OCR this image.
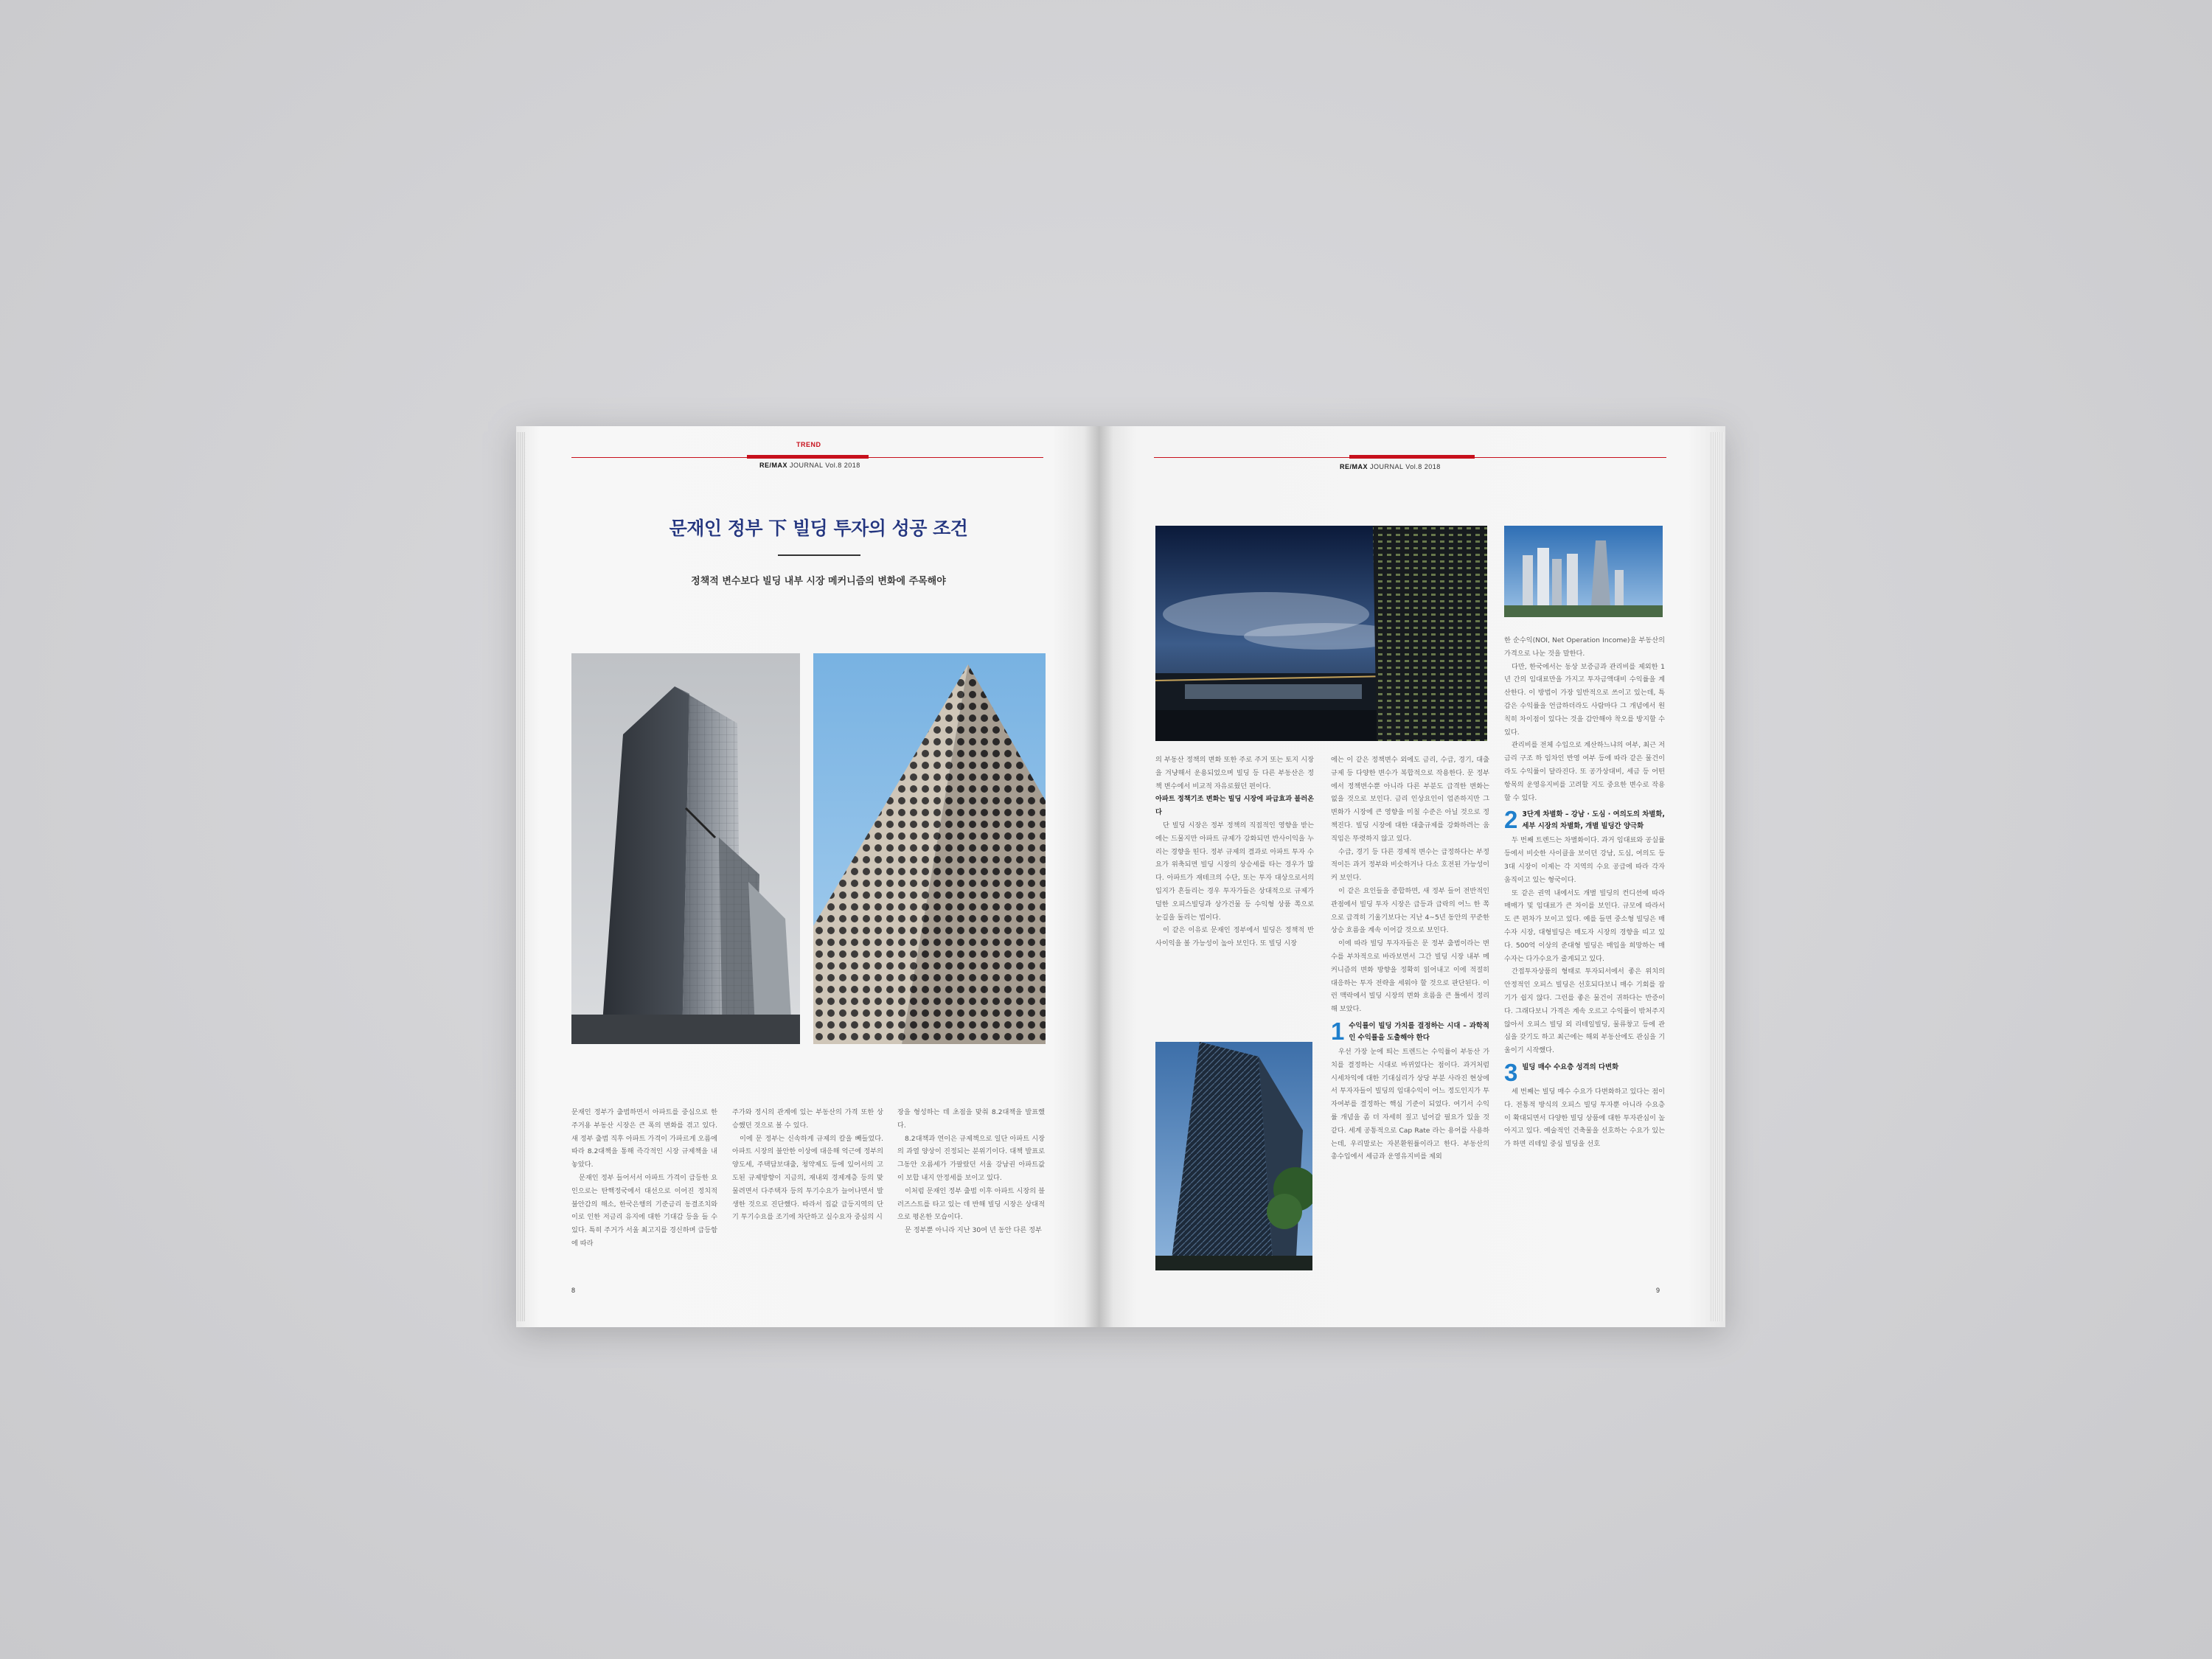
TREND
RE/MAX JOURNAL Vol.8 2018
문재인 정부 下 빌딩 투자의 성공 조건
정책적 변수보다 빌딩 내부 시장 메커니즘의 변화에 주목해야

문재인 정부가 출범하면서 아파트를 중심으로 한 주거용 부동산 시장은 큰 폭의 변화를 겪고 있다. 새 정부 출범 직후 아파트 가격이 가파르게 오름에 따라 8.2대책을 통해 즉각적인 시장 규제책을 내놓았다.

문재인 정부 들어서서 아파트 가격이 급등한 요인으로는 탄핵정국에서 대선으로 이어진 정치적 불안감의 해소, 한국은행의 기준금리 동결조치와 이로 인한 저금리 유지에 대한 기대감 등을 들 수 있다. 특히 주거가 서울 최고지를 경신하며 급등함에 따라

주가와 정시의 관계에 있는 부동산의 가격 또한 상승했던 것으로 볼 수 있다.

이에 문 정부는 신속하게 규제의 칼을 빼들었다. 아파트 시장의 불안한 이상에 대응해 억근에 정부의 양도세, 주택담보대출, 청약제도 등에 있어서의 고도된 규제방향이 지금의, 재내외 경제계층 등의 맞물려면서 다주택자 등의 투기수요가 늘어나면서 발생한 것으로 진단했다. 따라서 집값 급등지역의 단기 투기수요를 조기에 차단하고 실수요자 중심의 시

장을 형성하는 데 초점을 맞춰 8.2대책을 발표했다.

8.2대책과 연이은 규제책으로 일단 아파트 시장의 과열 양상이 진정되는 분위기이다. 대책 발표로 그동안 오름세가 가팔랐던 서울 강남권 아파트값이 보합 내지 안정세를 보이고 있다.

이처럼 문재인 정부 출범 이후 아파트 시장의 블러즈스트를 타고 있는 데 반해 빌딩 시장은 상대적으로 평온한 모습이다.

문 정부뿐 아니라 지난 30여 년 동안 다른 정부

8
RE/MAX JOURNAL Vol.8 2018

의 부동산 정책의 변화 또한 주로 주거 또는 토지 시장을 겨냥해서 운용되었으며 빌딩 등 다른 부동산은 정책 변수에서 비교적 자유로웠던 편이다.

아파트 정책기조 변화는 빌딩 시장에 파급효과 불러온다

단 빌딩 시장은 정부 정책의 직접적인 영향을 받는 에는 드물지만 아파트 규제가 강화되면 반사이익을 누리는 경향을 띤다. 정부 규제의 결과로 아파트 투자 수요가 위축되면 빌딩 시장의 상승세를 타는 경우가 많다. 아파트가 재테크의 수단, 또는 투자 대상으로서의 입지가 흔들리는 경우 투자가들은 상대적으로 규제가 덜한 오피스빌딩과 상가건물 등 수익형 상품 쪽으로 눈길을 돌리는 법이다.

이 같은 이유로 문재인 정부에서 빌딩은 정책적 반사이익을 볼 가능성이 높아 보인다. 또 빌딩 시장

에는 이 같은 정책변수 외에도 금리, 수급, 경기, 대출규제 등 다양한 변수가 복합적으로 작용한다. 문 정부에서 정책변수뿐 아니라 다른 부분도 급격한 변화는 없을 것으로 보인다. 금리 인상요인이 엄존하지만 그 변화가 시장에 큰 영향을 미칠 수준은 아닐 것으로 정책진다. 빌딩 시장에 대한 대출규제를 강화하려는 움직임은 뚜렷하지 않고 있다.

수급, 경기 등 다른 경제적 변수는 급정하다는 부정적이든 과거 정부와 비슷하거나 다소 호전된 가능성이 커 보인다.

이 같은 요인들을 종합하면, 새 정부 들어 전반적인 관점에서 빌딩 투자 시장은 급등과 급락의 어느 한 쪽으로 급격히 기울기보다는 지난 4~5년 동안의 꾸준한 상승 흐름을 계속 이어갈 것으로 보인다.

이에 따라 빌딩 투자자들은 문 정부 출범이라는 변수를 부차적으로 바라보면서 그간 빌딩 시장 내부 메커니즘의 변화 방향을 정확히 읽어내고 이에 적절히 대응하는 투자 전략을 세워야 할 것으로 판단된다. 이런 맥락에서 빌딩 시장의 변화 흐름을 큰 틀에서 정리해 보았다.

1 수익률이 빌딩 가치를 결정하는 시대 – 과학적인 수익률을 도출해야 한다

우선 가장 눈에 띄는 트렌드는 수익률이 부동산 가치를 결정하는 시대로 바뀌었다는 점이다. 과거처럼 시세차익에 대한 기대심리가 상당 부분 사라진 현상에서 투자자들이 빌딩의 임대수익이 어느 정도인지가 투자여부를 결정하는 핵심 기준이 되었다. 여기서 수익률 개념을 좀 더 자세히 짚고 넘어갈 필요가 있을 것 같다. 세계 공통적으로 Cap Rate 라는 용어를 사용하는데, 우리말로는 자본환원률이라고 한다. 부동산의 총수입에서 세금과 운영유지비를 제외

한 순수익(NOI, Net Operation Income)을 부동산의 가격으로 나눈 것을 말한다.

다만, 한국에서는 동상 보증금과 관리비를 제외한 1년 간의 임대료만을 가지고 투자금액대비 수익률을 계산한다. 이 방법이 가장 일반적으로 쓰이고 있는데, 특감은 수익률을 언급하더라도 사람마다 그 개념에서 원칙히 차이점이 있다는 것을 감안해야 착오를 방지할 수 있다.

관리비를 전체 수입으로 계산하느냐의 여부, 최근 저금리 구조 하 임차인 반영 여부 등에 따라 같은 물건이라도 수익률이 달라진다. 또 공가상대비, 세금 등 어떤 항목의 운영유지비를 고려할 지도 중요한 변수로 작용할 수 있다.

2 3단계 차별화 – 강남 · 도심 · 여의도의 차별화, 세부 시장의 차별화, 개별 빌딩간 양극화

두 번째 트렌드는 차별화이다. 과거 임대료와 공실률 등에서 비슷한 사이클을 보이던 강남, 도심, 여의도 등 3대 시장이 이제는 각 지역의 수요 공급에 따라 각자 움직이고 있는 형국이다.

또 같은 권역 내에서도 개별 빌딩의 컨디션에 따라 매매가 및 임대료가 큰 차이를 보인다. 규모에 따라서도 큰 편차가 보이고 있다. 예를 들면 중소형 빌딩은 매수자 시장, 대형빌딩은 매도자 시장의 경향을 띠고 있다. 500억 이상의 준대형 빌딩은 매입을 희망하는 매수자는 다가수요가 줄게되고 있다.

간접투자상품의 형태로 투자되서에서 좋은 위치의 안정적인 오피스 빌딩은 선호되다보니 매수 기회를 잡기가 쉽지 않다. 그런를 좋은 물건이 귀하다는 반증이다. 그래다보니 가격은 계속 오르고 수익률이 밖처주지 않아서 오피스 빌딩 외 리테일빌딩, 물류창고 등에 관심을 갖기도 하고 최근에는 해외 부동산에도 관심을 기울이기 시작했다.

3 빌딩 매수 수요층 성격의 다변화

세 번째는 빌딩 매수 수요가 다변화하고 있다는 점이다. 전통적 방식의 오피스 빌딩 투자뿐 아니라 수요층이 확대되면서 다양한 빌딩 상품에 대한 투자관심이 높아지고 있다. 예술적인 건축물을 선호하는 수요가 있는가 하면 리테일 중심 빌딩을 선호

9
